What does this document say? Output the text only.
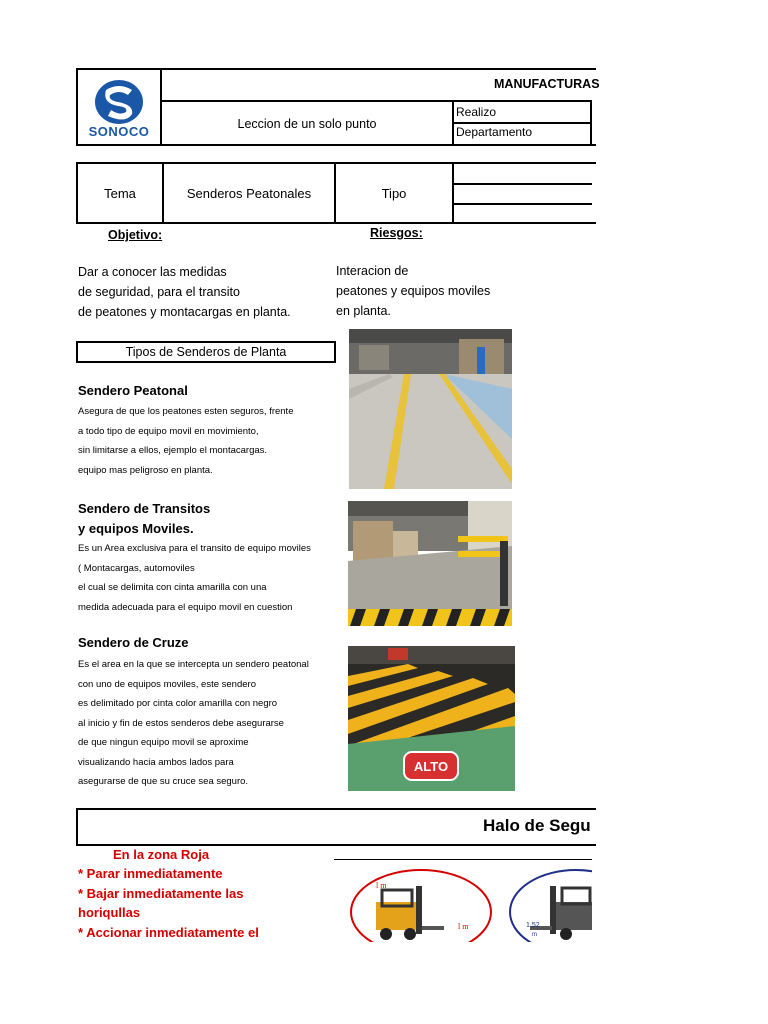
SONOCO
MANUFACTURAS
Leccion de un solo punto
Realizo
Departamento
Tema	Senderos Peatonales	Tipo
Objetivo:	Riesgos:
Dar a conocer las medidas
de seguridad, para el transito
de peatones y montacargas en planta.
Interacion de
peatones y equipos moviles
en planta.
Tipos de Senderos de Planta
Sendero Peatonal
Asegura de que los peatones esten seguros, frente
a todo tipo de equipo movil en movimiento,
sin limitarse a ellos, ejemplo el montacargas.
equipo mas peligroso en planta.
Sendero de Transitos
y equipos Moviles.
Es un Area exclusiva para el transito de equipo moviles
( Montacargas, automoviles
el cual se delimita con cinta amarilla con una
medida adecuada para el equipo movil en cuestion
Sendero de Cruze
Es el area en la que se intercepta un sendero peatonal
con uno de equipos moviles, este sendero
es delimitado por cinta color amarilla con negro
al inicio y fin de estos senderos debe asegurarse
de que ningun equipo movil se aproxime
visualizando hacia ambos lados para
asegurarse de que su cruce sea seguro.
ALTO
Halo de Segu
En la zona Roja
* Parar inmediatamente
* Bajar inmediatamente las
horiqullas
* Accionar inmediatamente el
l m
l m	1.52
m
